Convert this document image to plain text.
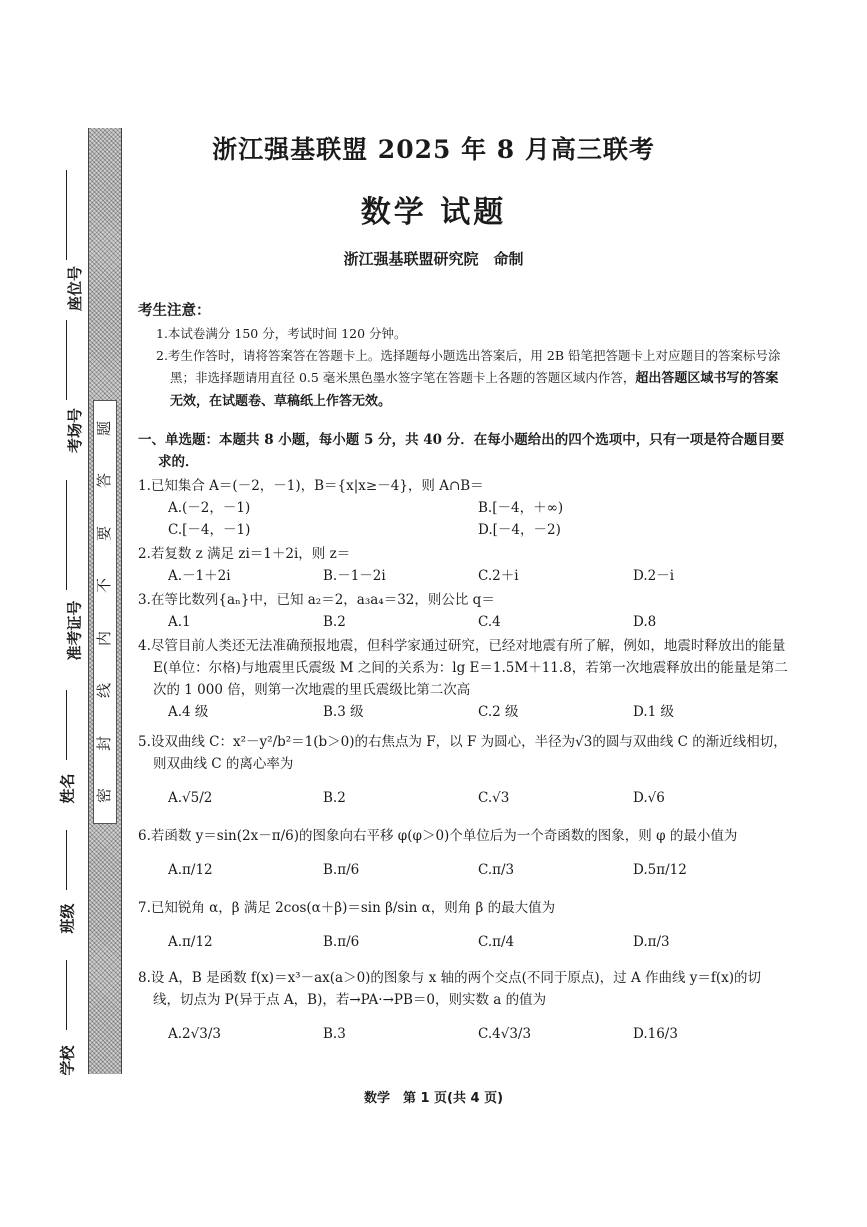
题
答
要
不
内
线
封
密
座位号
考场号
准考证号
姓名
班级
学校
浙江强基联盟 2025 年 8 月高三联考
数学 试题
浙江强基联盟研究院　命制
考生注意：
1.本试卷满分 150 分，考试时间 120 分钟。
2.考生作答时，请将答案答在答题卡上。选择题每小题选出答案后，用 2B 铅笔把答题卡上对应题目的答案标号涂黑；非选择题请用直径 0.5 毫米黑色墨水签字笔在答题卡上各题的答题区域内作答，超出答题区域书写的答案无效，在试题卷、草稿纸上作答无效。
一、单选题：本题共 8 小题，每小题 5 分，共 40 分．在每小题给出的四个选项中，只有一项是符合题目要求的．
1.已知集合 A＝(－2，－1)，B＝{x|x≥－4}，则 A∩B＝
A.(－2，－1)	B.[－4，＋∞)
C.[－4，－1)	D.[－4，－2)
2.若复数 z 满足 zi＝1＋2i，则 z＝
A.－1＋2i	B.－1－2i	C.2＋i	D.2－i
3.在等比数列{aₙ}中，已知 a₂＝2，a₃a₄＝32，则公比 q＝
A.1	B.2	C.4	D.8
4.尽管目前人类还无法准确预报地震，但科学家通过研究，已经对地震有所了解，例如，地震时释放出的能量 E(单位：尔格)与地震里氏震级 M 之间的关系为：lg E＝1.5M＋11.8，若第一次地震释放出的能量是第二次的 1 000 倍，则第一次地震的里氏震级比第二次高
A.4 级	B.3 级	C.2 级	D.1 级
5.设双曲线 C：x²－y²/b²＝1(b＞0)的右焦点为 F，以 F 为圆心，半径为√3的圆与双曲线 C 的渐近线相切，则双曲线 C 的离心率为
A.√5/2	B.2	C.√3	D.√6
6.若函数 y＝sin(2x－π/6)的图象向右平移 φ(φ＞0)个单位后为一个奇函数的图象，则 φ 的最小值为
A.π/12	B.π/6	C.π/3	D.5π/12
7.已知锐角 α，β 满足 2cos(α＋β)＝sin β/sin α，则角 β 的最大值为
A.π/12	B.π/6	C.π/4	D.π/3
8.设 A，B 是函数 f(x)＝x³－ax(a＞0)的图象与 x 轴的两个交点(不同于原点)，过 A 作曲线 y＝f(x)的切线，切点为 P(异于点 A，B)，若→PA·→PB＝0，则实数 a 的值为
A.2√3/3	B.3	C.4√3/3	D.16/3
数学　第 1 页(共 4 页)
